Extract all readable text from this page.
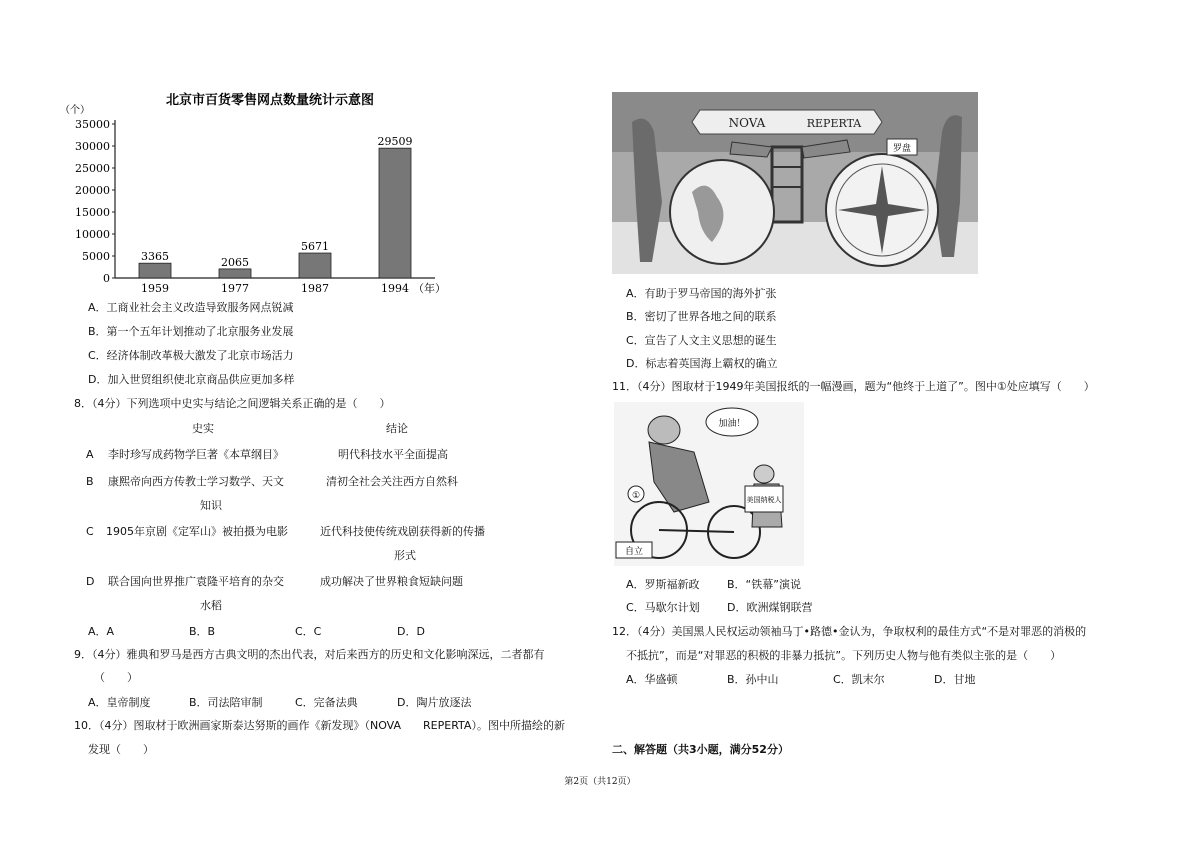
北京市百货零售网点数量统计示意图
（个）
35000
30000
25000
20000
15000
10000
5000
0
3365
1959
2065
1977
5671
1987
29509
1994 （年）
A．工商业社会主义改造导致服务网点锐减
B．第一个五年计划推动了北京服务业发展
C．经济体制改革极大激发了北京市场活力
D．加入世贸组织使北京商品供应更加多样
8．（4分）下列选项中史实与结论之间逻辑关系正确的是（　　）
史实	结论
A 李时珍写成药物学巨著《本草纲目》	明代科技水平全面提高
B 康熙帝向西方传教士学习数学、天文	清初全社会关注西方自然科
知识
C 1905年京剧《定军山》被拍摄为电影	近代科技使传统戏剧获得新的传播
形式
D 联合国向世界推广袁隆平培育的杂交	成功解决了世界粮食短缺问题
水稻
A．A	B．B	C．C	D．D
9．（4分）雅典和罗马是西方古典文明的杰出代表，对后来西方的历史和文化影响深远，二者都有
（　　）
A．皇帝制度	B．司法陪审制	C．完备法典	D．陶片放逐法
10．（4分）图取材于欧洲画家斯泰达努斯的画作《新发现》（NOVA　　REPERTA）。图中所描绘的新
发现（　　）
NOVA	REPERTA
罗盘
A．有助于罗马帝国的海外扩张
B．密切了世界各地之间的联系
C．宣告了人文主义思想的诞生
D．标志着英国海上霸权的确立
11．（4分）图取材于1949年美国报纸的一幅漫画，题为“他终于上道了”。图中①处应填写（　　）
美国纳税人
加油！
①
自立
A．罗斯福新政 B．“铁幕”演说
C．马歇尔计划 D．欧洲煤钢联营
12．（4分）美国黑人民权运动领袖马丁•路德•金认为，争取权利的最佳方式“不是对罪恶的消极的
不抵抗”，而是“对罪恶的积极的非暴力抵抗”。下列历史人物与他有类似主张的是（　　）
A．华盛顿	B．孙中山	C．凯末尔	D．甘地
二、解答题（共3小题，满分52分）
第2页（共12页）
